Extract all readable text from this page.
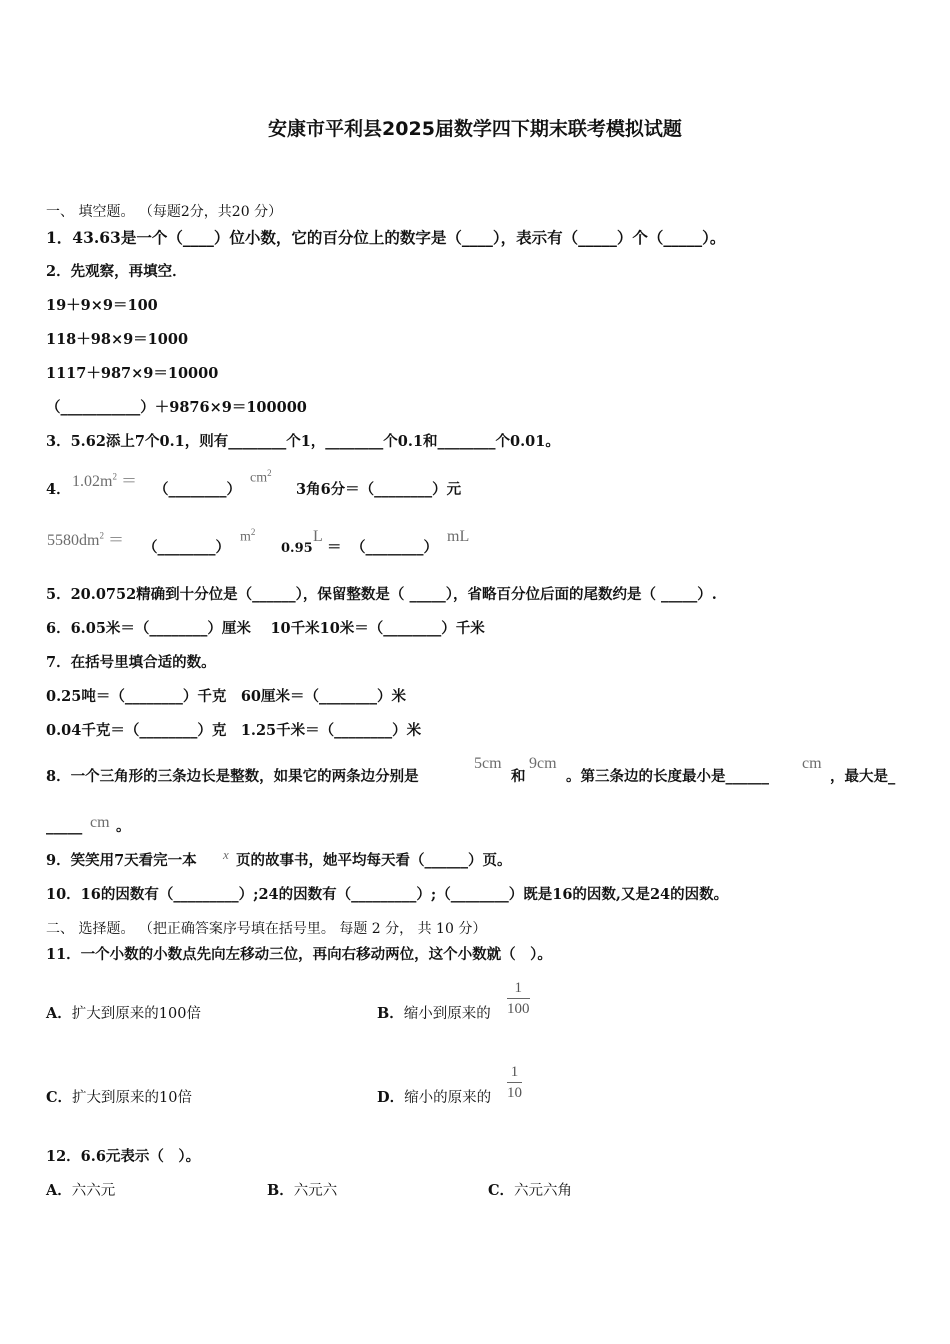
安康市平利县2025届数学四下期末联考模拟试题
一、 填空题。 （每题2分，共20 分）
1．43.63是一个（____）位小数，它的百分位上的数字是（____），表示有（_____）个（_____）。
2．先观察，再填空．
19＋9×9＝100
118＋98×9＝1000
1117＋987×9＝10000
（___________）＋9876×9＝100000
3．5.62添上7个0.1，则有________个1，________个0.1和________个0.01。
4． $1.02m^2$ ＝ （________）
$cm^2$
3角6分＝（________）元
$5580dm^2$ ＝ （________）
$m^2$
0.95
L
＝ （________）
mL
5．20.0752精确到十分位是（______），保留整数是（ _____），省略百分位后面的尾数约是（ _____）.
6．6.05米＝（________）厘米　 10千米10米＝（________）千米
7．在括号里填合适的数。
0.25吨＝（________）千克　60厘米＝（________）米
0.04千克＝（________）克　1.25千米＝（________）米
8．一个三角形的三条边长是整数，如果它的两条边分别是
5cm
和
9cm
。第三条边的长度最小是______
cm
，最大是_
_____ cm 。
9．笑笑用7天看完一本 x 页的故事书，她平均每天看（______）页。
10．16的因数有（_________）;24的因数有（_________）;（________）既是16的因数,又是24的因数。
二、 选择题。 （把正确答案序号填在括号里。 每题 2 分， 共 10 分）
11．一个小数的小数点先向左移动三位，再向右移动两位，这个小数就（　）。
A．扩大到原来的100倍	B．缩小到原来的 $\frac{1}{100}$
C．扩大到原来的10倍	D．缩小的原来的 $\frac{1}{10}$
12．6.6元表示（　）。
A．六六元	B．六元六	C．六元六角
